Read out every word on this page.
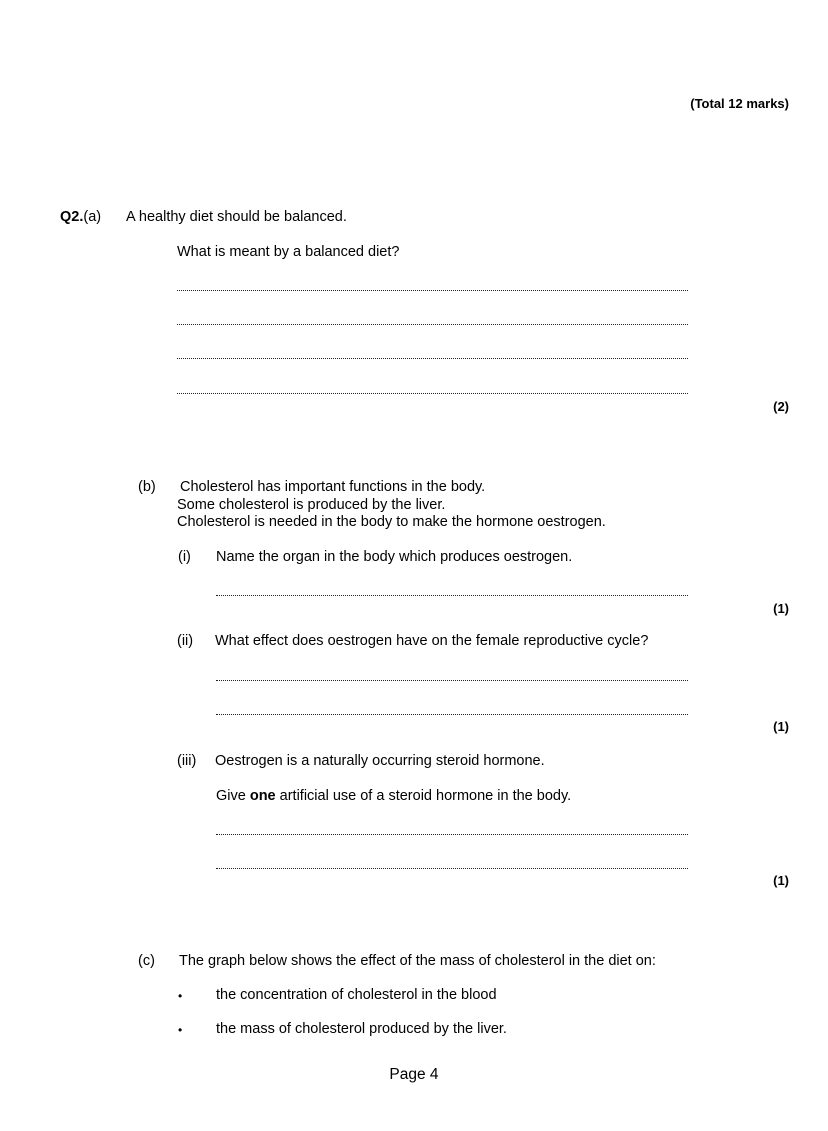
(Total 12 marks)
Q2.(a) A healthy diet should be balanced.
What is meant by a balanced diet?
(2)
(b) Cholesterol has important functions in the body.
Some cholesterol is produced by the liver.
Cholesterol is needed in the body to make the hormone oestrogen.
(i) Name the organ in the body which produces oestrogen.
(1)
(ii) What effect does oestrogen have on the female reproductive cycle?
(1)
(iii) Oestrogen is a naturally occurring steroid hormone.
Give one artificial use of a steroid hormone in the body.
(1)
(c) The graph below shows the effect of the mass of cholesterol in the diet on:
• the concentration of cholesterol in the blood
• the mass of cholesterol produced by the liver.
Page 4
